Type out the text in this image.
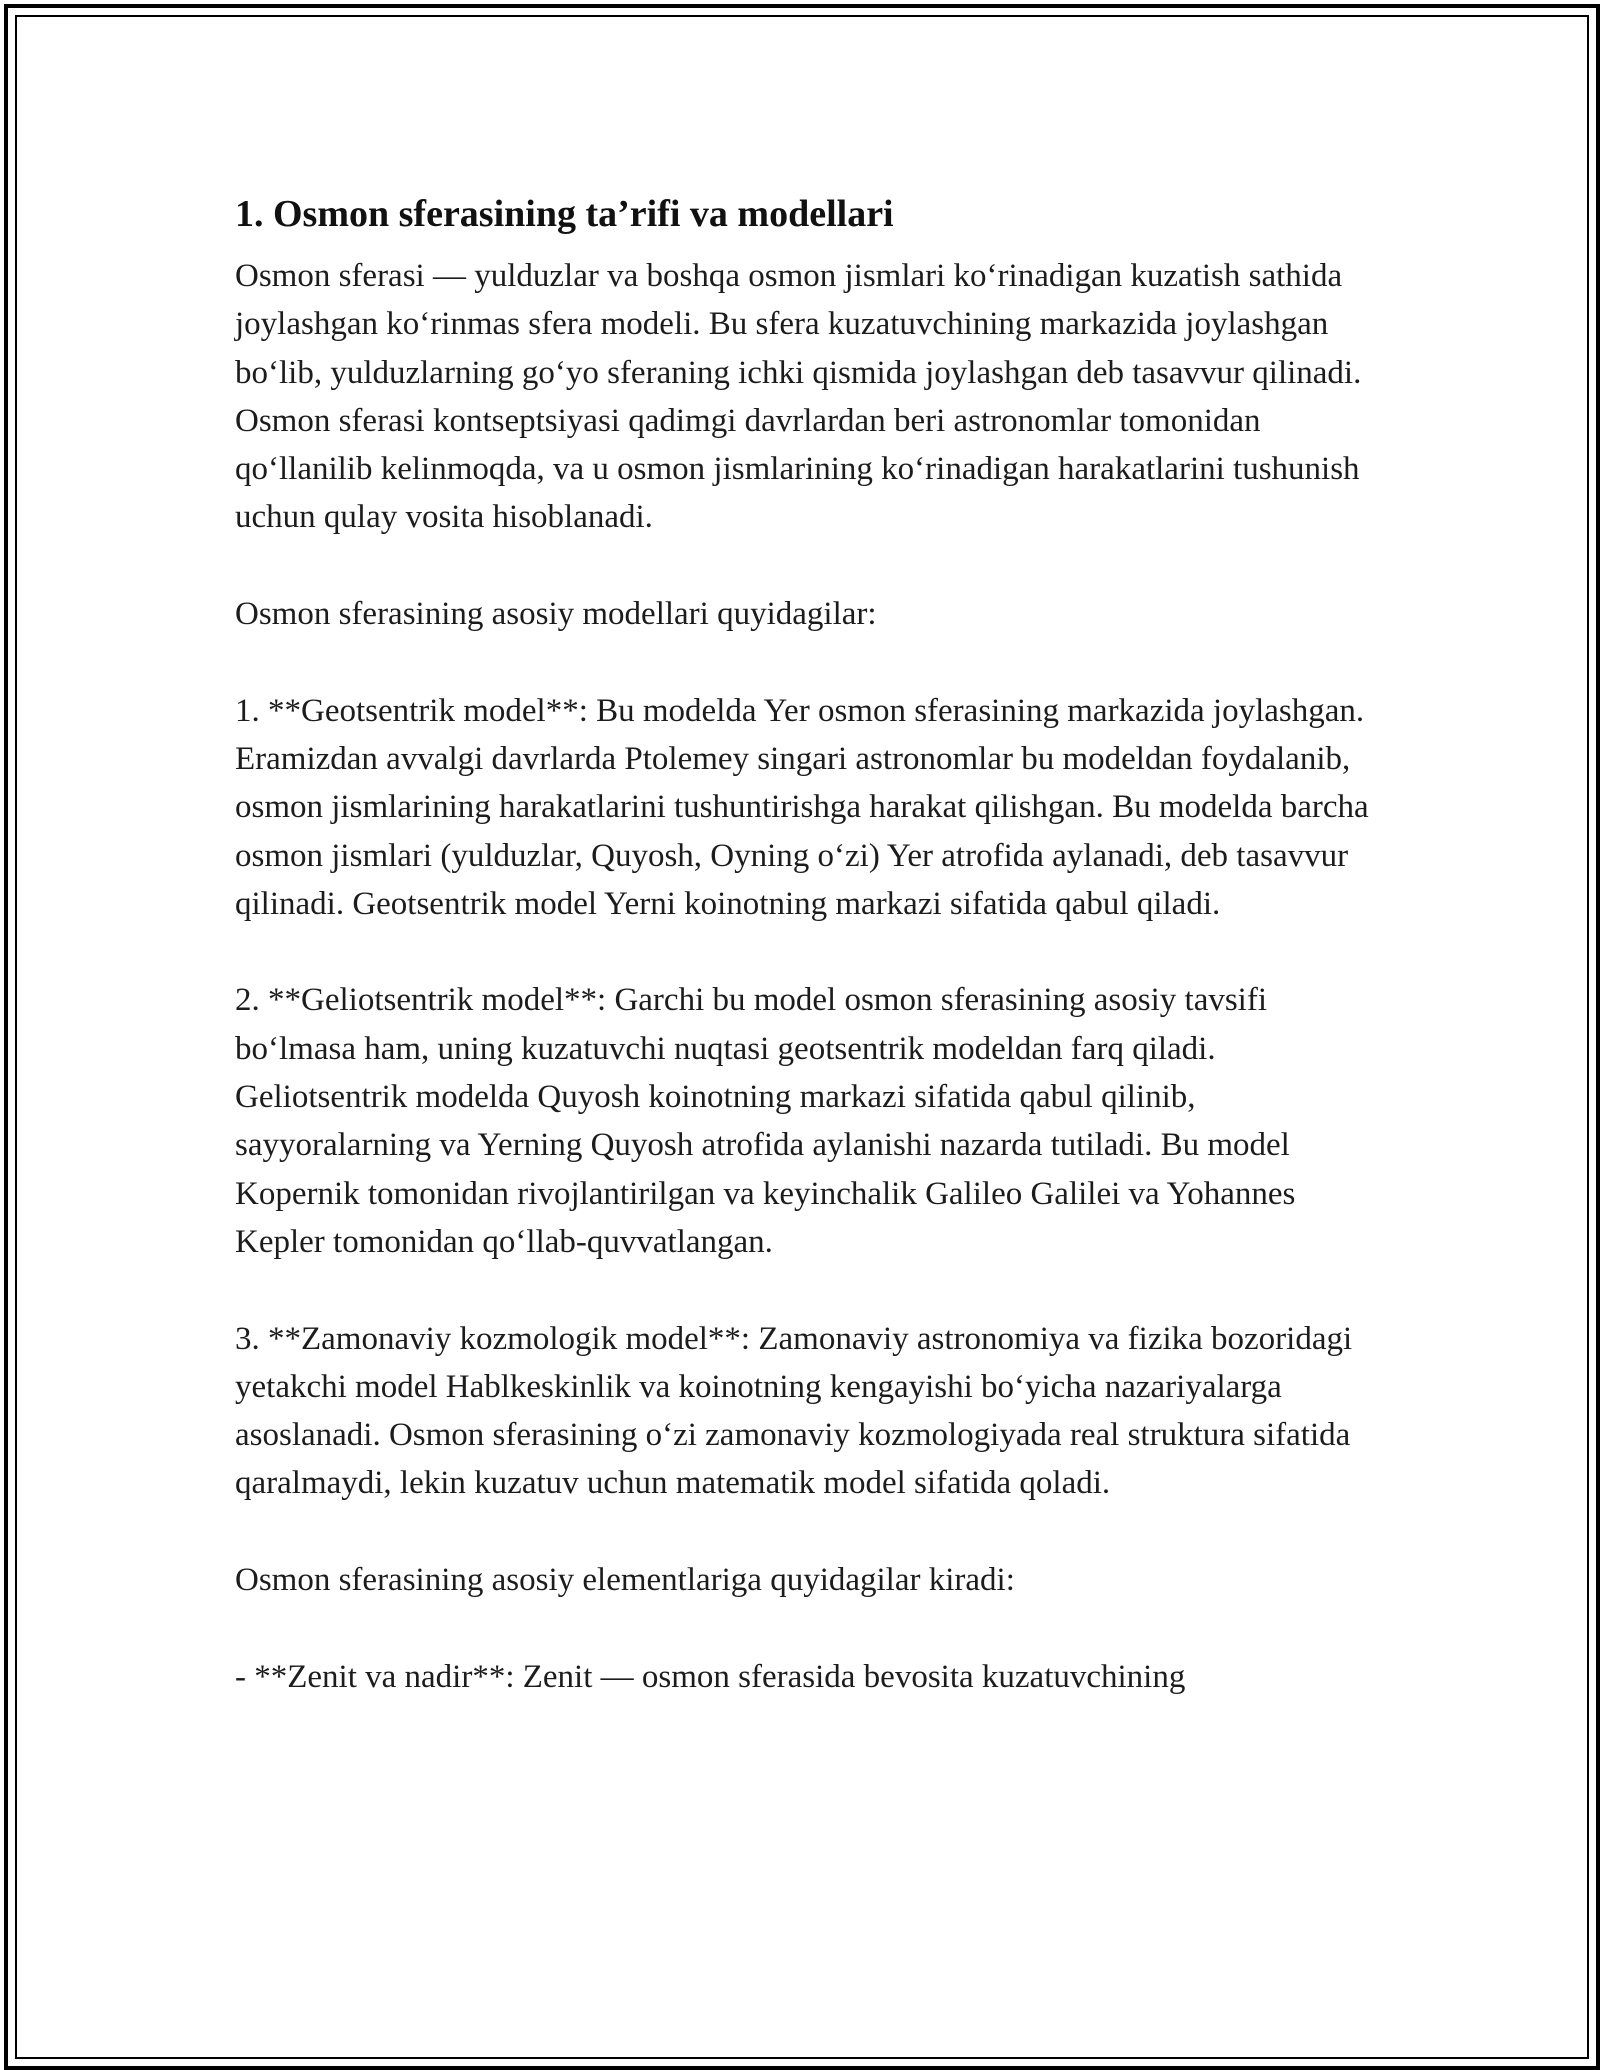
1. Osmon sferasining ta’rifi va modellari

Osmon sferasi — yulduzlar va boshqa osmon jismlari ko‘rinadigan kuzatish sathida joylashgan ko‘rinmas sfera modeli. Bu sfera kuzatuvchining markazida joylashgan bo‘lib, yulduzlarning go‘yo sferaning ichki qismida joylashgan deb tasavvur qilinadi. Osmon sferasi kontseptsiyasi qadimgi davrlardan beri astronomlar tomonidan qo‘llanilib kelinmoqda, va u osmon jismlarining ko‘rinadigan harakatlarini tushunish uchun qulay vosita hisoblanadi.

Osmon sferasining asosiy modellari quyidagilar:

1. **Geotsentrik model**: Bu modelda Yer osmon sferasining markazida joylashgan. Eramizdan avvalgi davrlarda Ptolemey singari astronomlar bu modeldan foydalanib, osmon jismlarining harakatlarini tushuntirishga harakat qilishgan. Bu modelda barcha osmon jismlari (yulduzlar, Quyosh, Oyning o‘zi) Yer atrofida aylanadi, deb tasavvur qilinadi. Geotsentrik model Yerni koinotning markazi sifatida qabul qiladi.

2. **Geliotsentrik model**: Garchi bu model osmon sferasining asosiy tavsifi bo‘lmasa ham, uning kuzatuvchi nuqtasi geotsentrik modeldan farq qiladi. Geliotsentrik modelda Quyosh koinotning markazi sifatida qabul qilinib, sayyoralarning va Yerning Quyosh atrofida aylanishi nazarda tutiladi. Bu model Kopernik tomonidan rivojlantirilgan va keyinchalik Galileo Galilei va Yohannes Kepler tomonidan qo‘llab-quvvatlangan.

3. **Zamonaviy kozmologik model**: Zamonaviy astronomiya va fizika bozoridagi yetakchi model Hablkeskinlik va koinotning kengayishi bo‘yicha nazariyalarga asoslanadi. Osmon sferasining o‘zi zamonaviy kozmologiyada real struktura sifatida qaralmaydi, lekin kuzatuv uchun matematik model sifatida qoladi.

Osmon sferasining asosiy elementlariga quyidagilar kiradi:

- **Zenit va nadir**: Zenit — osmon sferasida bevosita kuzatuvchining
